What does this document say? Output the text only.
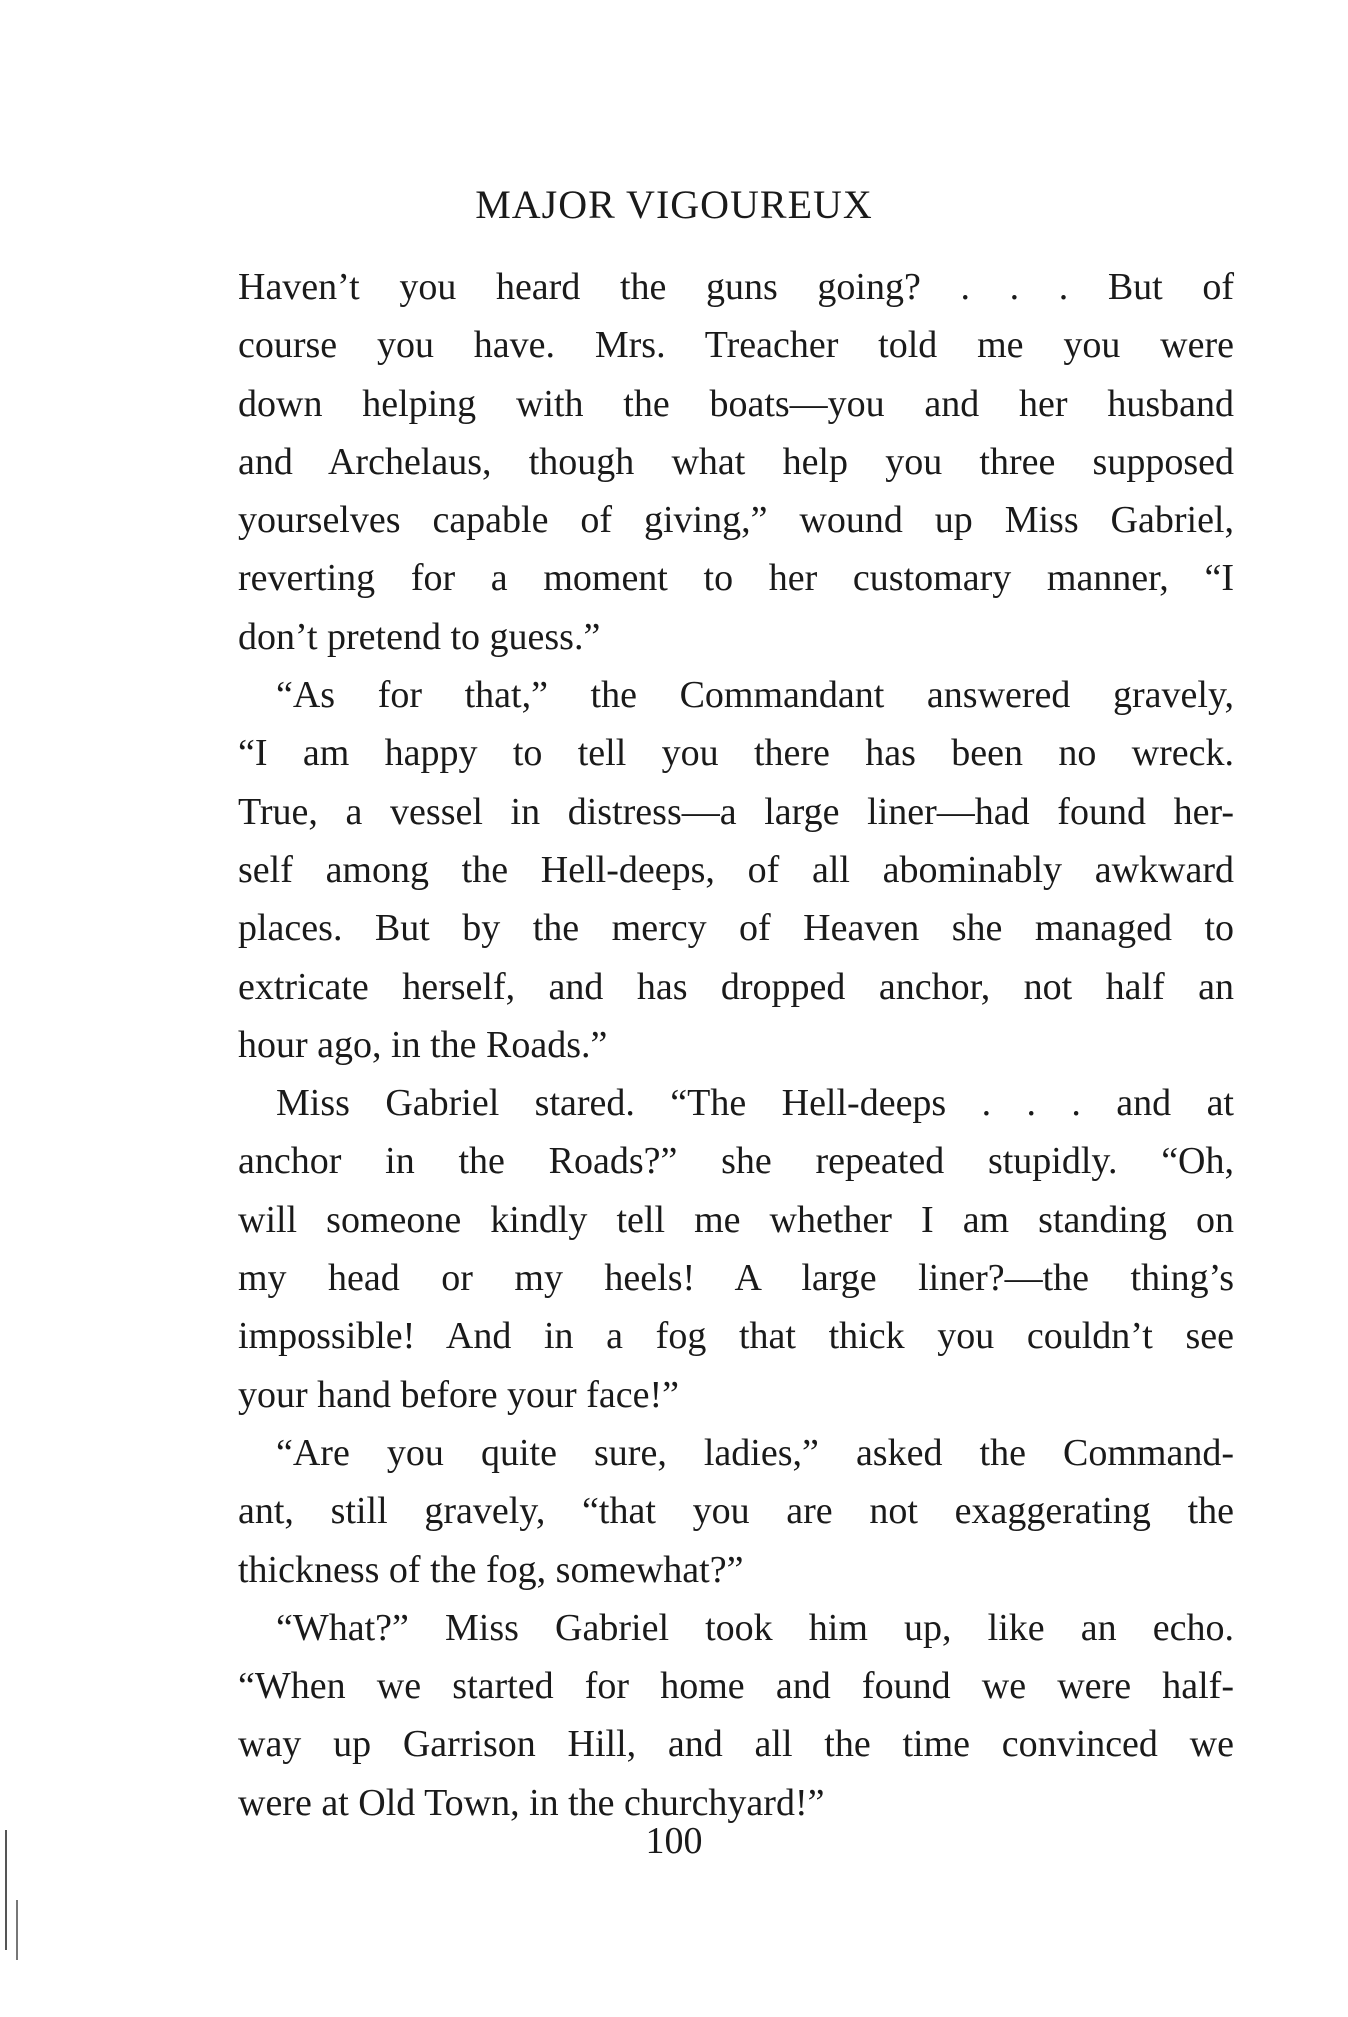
MAJOR VIGOUREUX
Haven’t you heard the guns going? . . . But of
course you have. Mrs. Treacher told me you were
down helping with the boats—you and her husband
and Archelaus, though what help you three supposed
yourselves capable of giving,” wound up Miss Gabriel,
reverting for a moment to her customary manner, “I
don’t pretend to guess.”
“As for that,” the Commandant answered gravely,
“I am happy to tell you there has been no wreck.
True, a vessel in distress—a large liner—had found her-
self among the Hell-deeps, of all abominably awkward
places. But by the mercy of Heaven she managed to
extricate herself, and has dropped anchor, not half an
hour ago, in the Roads.”
Miss Gabriel stared. “The Hell-deeps . . . and at
anchor in the Roads?” she repeated stupidly. “Oh,
will someone kindly tell me whether I am standing on
my head or my heels! A large liner?—the thing’s
impossible! And in a fog that thick you couldn’t see
your hand before your face!”
“Are you quite sure, ladies,” asked the Command-
ant, still gravely, “that you are not exaggerating the
thickness of the fog, somewhat?”
“What?” Miss Gabriel took him up, like an echo.
“When we started for home and found we were half-
way up Garrison Hill, and all the time convinced we
were at Old Town, in the churchyard!”
100
